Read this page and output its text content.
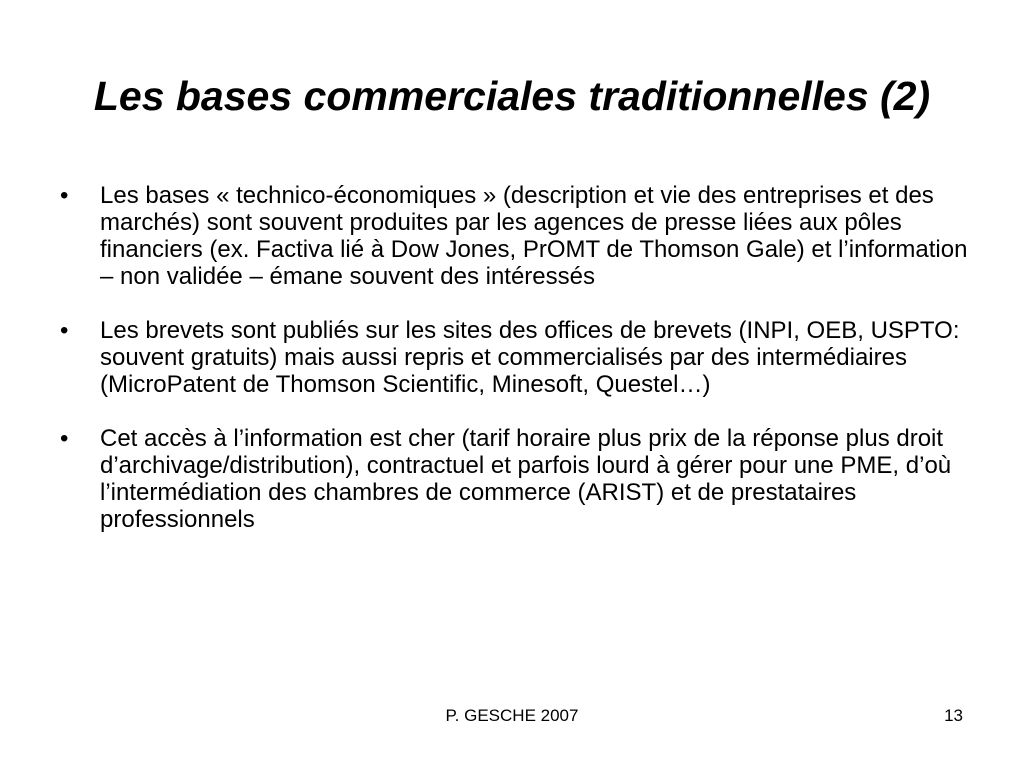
Les bases commerciales traditionnelles (2)
•	Les bases « technico-économiques » (description et vie des entreprises et des marchés) sont souvent produites par les agences de presse liées aux pôles financiers (ex. Factiva lié à Dow Jones, PrOMT de Thomson Gale) et l’information – non validée – émane souvent des intéressés
•	Les brevets sont publiés sur les sites des offices de brevets (INPI, OEB, USPTO: souvent gratuits) mais aussi repris et commercialisés par des intermédiaires (MicroPatent de Thomson Scientific, Minesoft, Questel…)
•	Cet accès à l’information est cher (tarif horaire plus prix de la réponse plus droit d’archivage/distribution), contractuel et parfois lourd à gérer pour une PME, d’où l’intermédiation des chambres de commerce (ARIST) et de prestataires professionnels
P. GESCHE 2007	13
